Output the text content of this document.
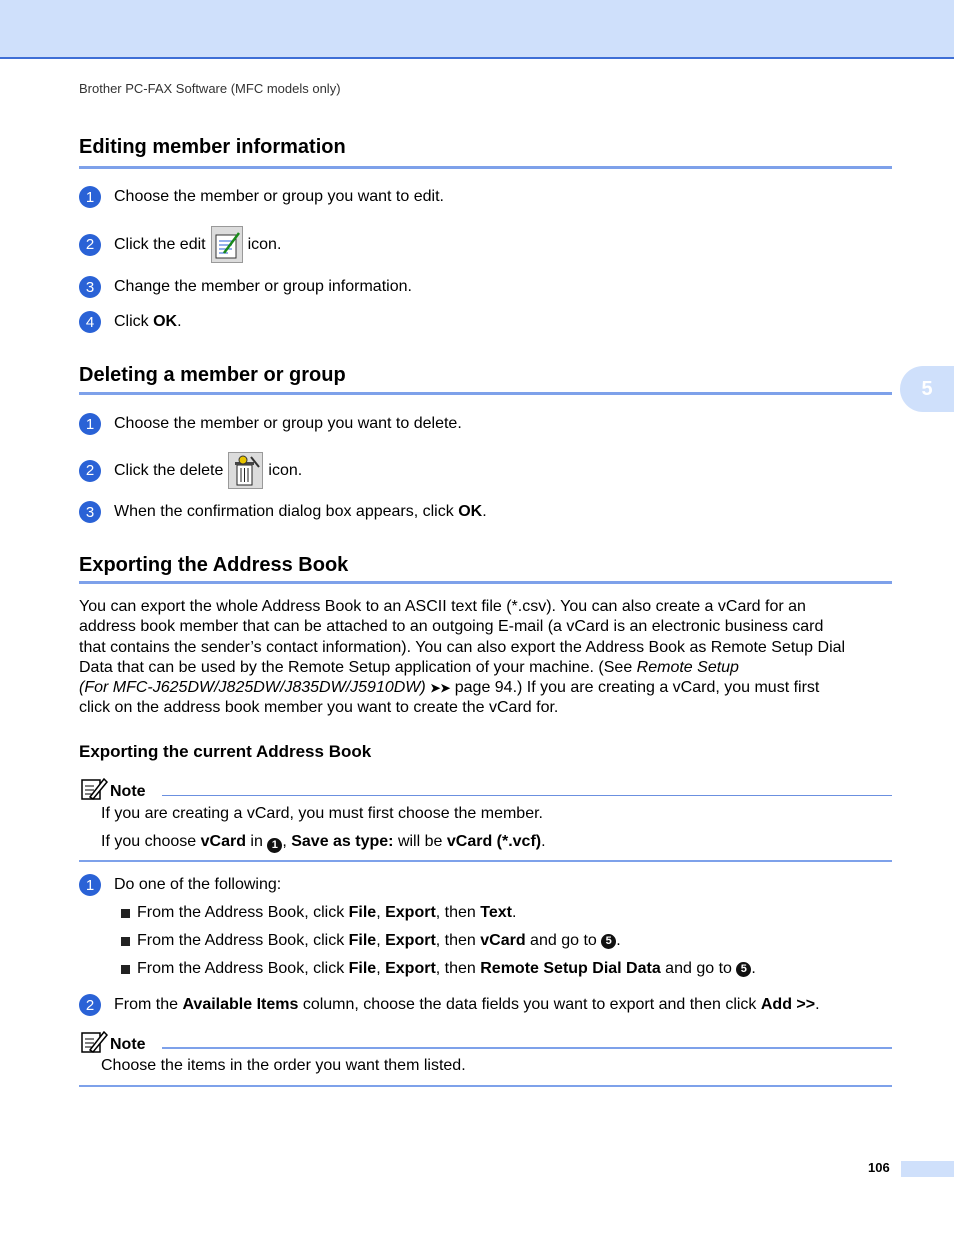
Brother PC-FAX Software (MFC models only)
5
Editing member information
1	Choose the member or group you want to edit.
2	Click the edit	icon.
3	Change the member or group information.
4	Click OK .
Deleting a member or group
1	Choose the member or group you want to delete.
2	Click the delete	icon.
3	When the confirmation dialog box appears, click OK .
Exporting the Address Book
You can export the whole Address Book to an ASCII text file (*.csv). You can also create a vCard for an
address book member that can be attached to an outgoing E-mail (a vCard is an electronic business card
that contains the sender’s contact information). You can also export the Address Book as Remote Setup Dial
Data that can be used by the Remote Setup application of your machine. (See Remote Setup
(For MFC-J625DW/J825DW/J835DW/J5910DW) ➤➤ page 94.) If you are creating a vCard, you must first
click on the address book member you want to create the vCard for.
Exporting the current Address Book
Note
If you are creating a vCard, you must first choose the member.
If you choose vCard in 1 , Save as type: will be vCard (*.vcf).
1	Do one of the following:
From the Address Book, click File , Export , then Text .
From the Address Book, click File , Export , then vCard and go to 5 .
From the Address Book, click File , Export , then Remote Setup Dial Data and go to 5 .
2	From the Available Items column, choose the data fields you want to export and then click Add >> .
Note
Choose the items in the order you want them listed.
106
